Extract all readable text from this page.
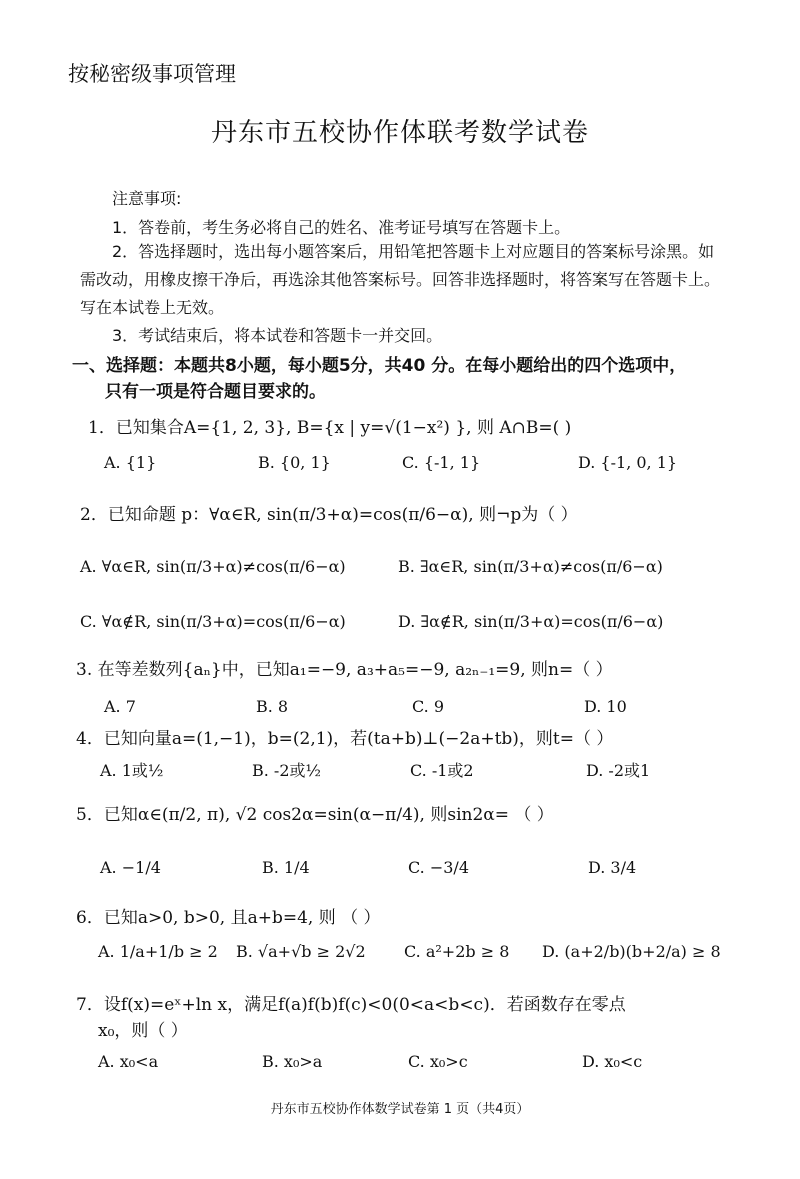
按秘密级事项管理
丹东市五校协作体联考数学试卷
注意事项:
1．答卷前，考生务必将自己的姓名、准考证号填写在答题卡上。
2．答选择题时，选出每小题答案后，用铅笔把答题卡上对应题目的答案标号涂黑。如需改动，用橡皮擦干净后，再选涂其他答案标号。回答非选择题时，将答案写在答题卡上。写在本试卷上无效。
3．考试结束后，将本试卷和答题卡一并交回。
一、选择题：本题共8小题，每小题5分，共40 分。在每小题给出的四个选项中，
只有一项是符合题目要求的。
1．已知集合A={1, 2, 3}, B={x | y=√(1−x²) }, 则 A∩B=( )
A. {1}	B. {0, 1}	C. {-1, 1}	D. {-1, 0, 1}
2．已知命题 p：∀α∈R, sin(π/3+α)=cos(π/6−α), 则¬p为（ ）
A. ∀α∈R, sin(π/3+α)≠cos(π/6−α)	B. ∃α∈R, sin(π/3+α)≠cos(π/6−α)
C. ∀α∉R, sin(π/3+α)=cos(π/6−α)	D. ∃α∉R, sin(π/3+α)=cos(π/6−α)
3. 在等差数列{aₙ}中，已知a₁=−9, a₃+a₅=−9, a₂ₙ₋₁=9, 则n=（ ）
A. 7	B. 8	C. 9	D. 10
4．已知向量a=(1,−1)，b=(2,1)，若(ta+b)⊥(−2a+tb)，则t=（ ）
A. 1或½	B. -2或½	C. -1或2	D. -2或1
5．已知α∈(π/2, π), √2 cos2α=sin(α−π/4), 则sin2α= （ ）
A. −1/4	B. 1/4	C. −3/4	D. 3/4
6．已知a>0, b>0, 且a+b=4, 则 （ ）
A. 1/a+1/b ≥ 2 B. √a+√b ≥ 2√2 C. a²+2b ≥ 8 D. (a+2/b)(b+2/a) ≥ 8
7．设f(x)=eˣ+ln x，满足f(a)f(b)f(c)<0(0<a<b<c)．若函数存在零点
x₀，则（ ）
A. x₀<a	B. x₀>a	C. x₀>c	D. x₀<c
丹东市五校协作体数学试卷第 1 页（共4页）
